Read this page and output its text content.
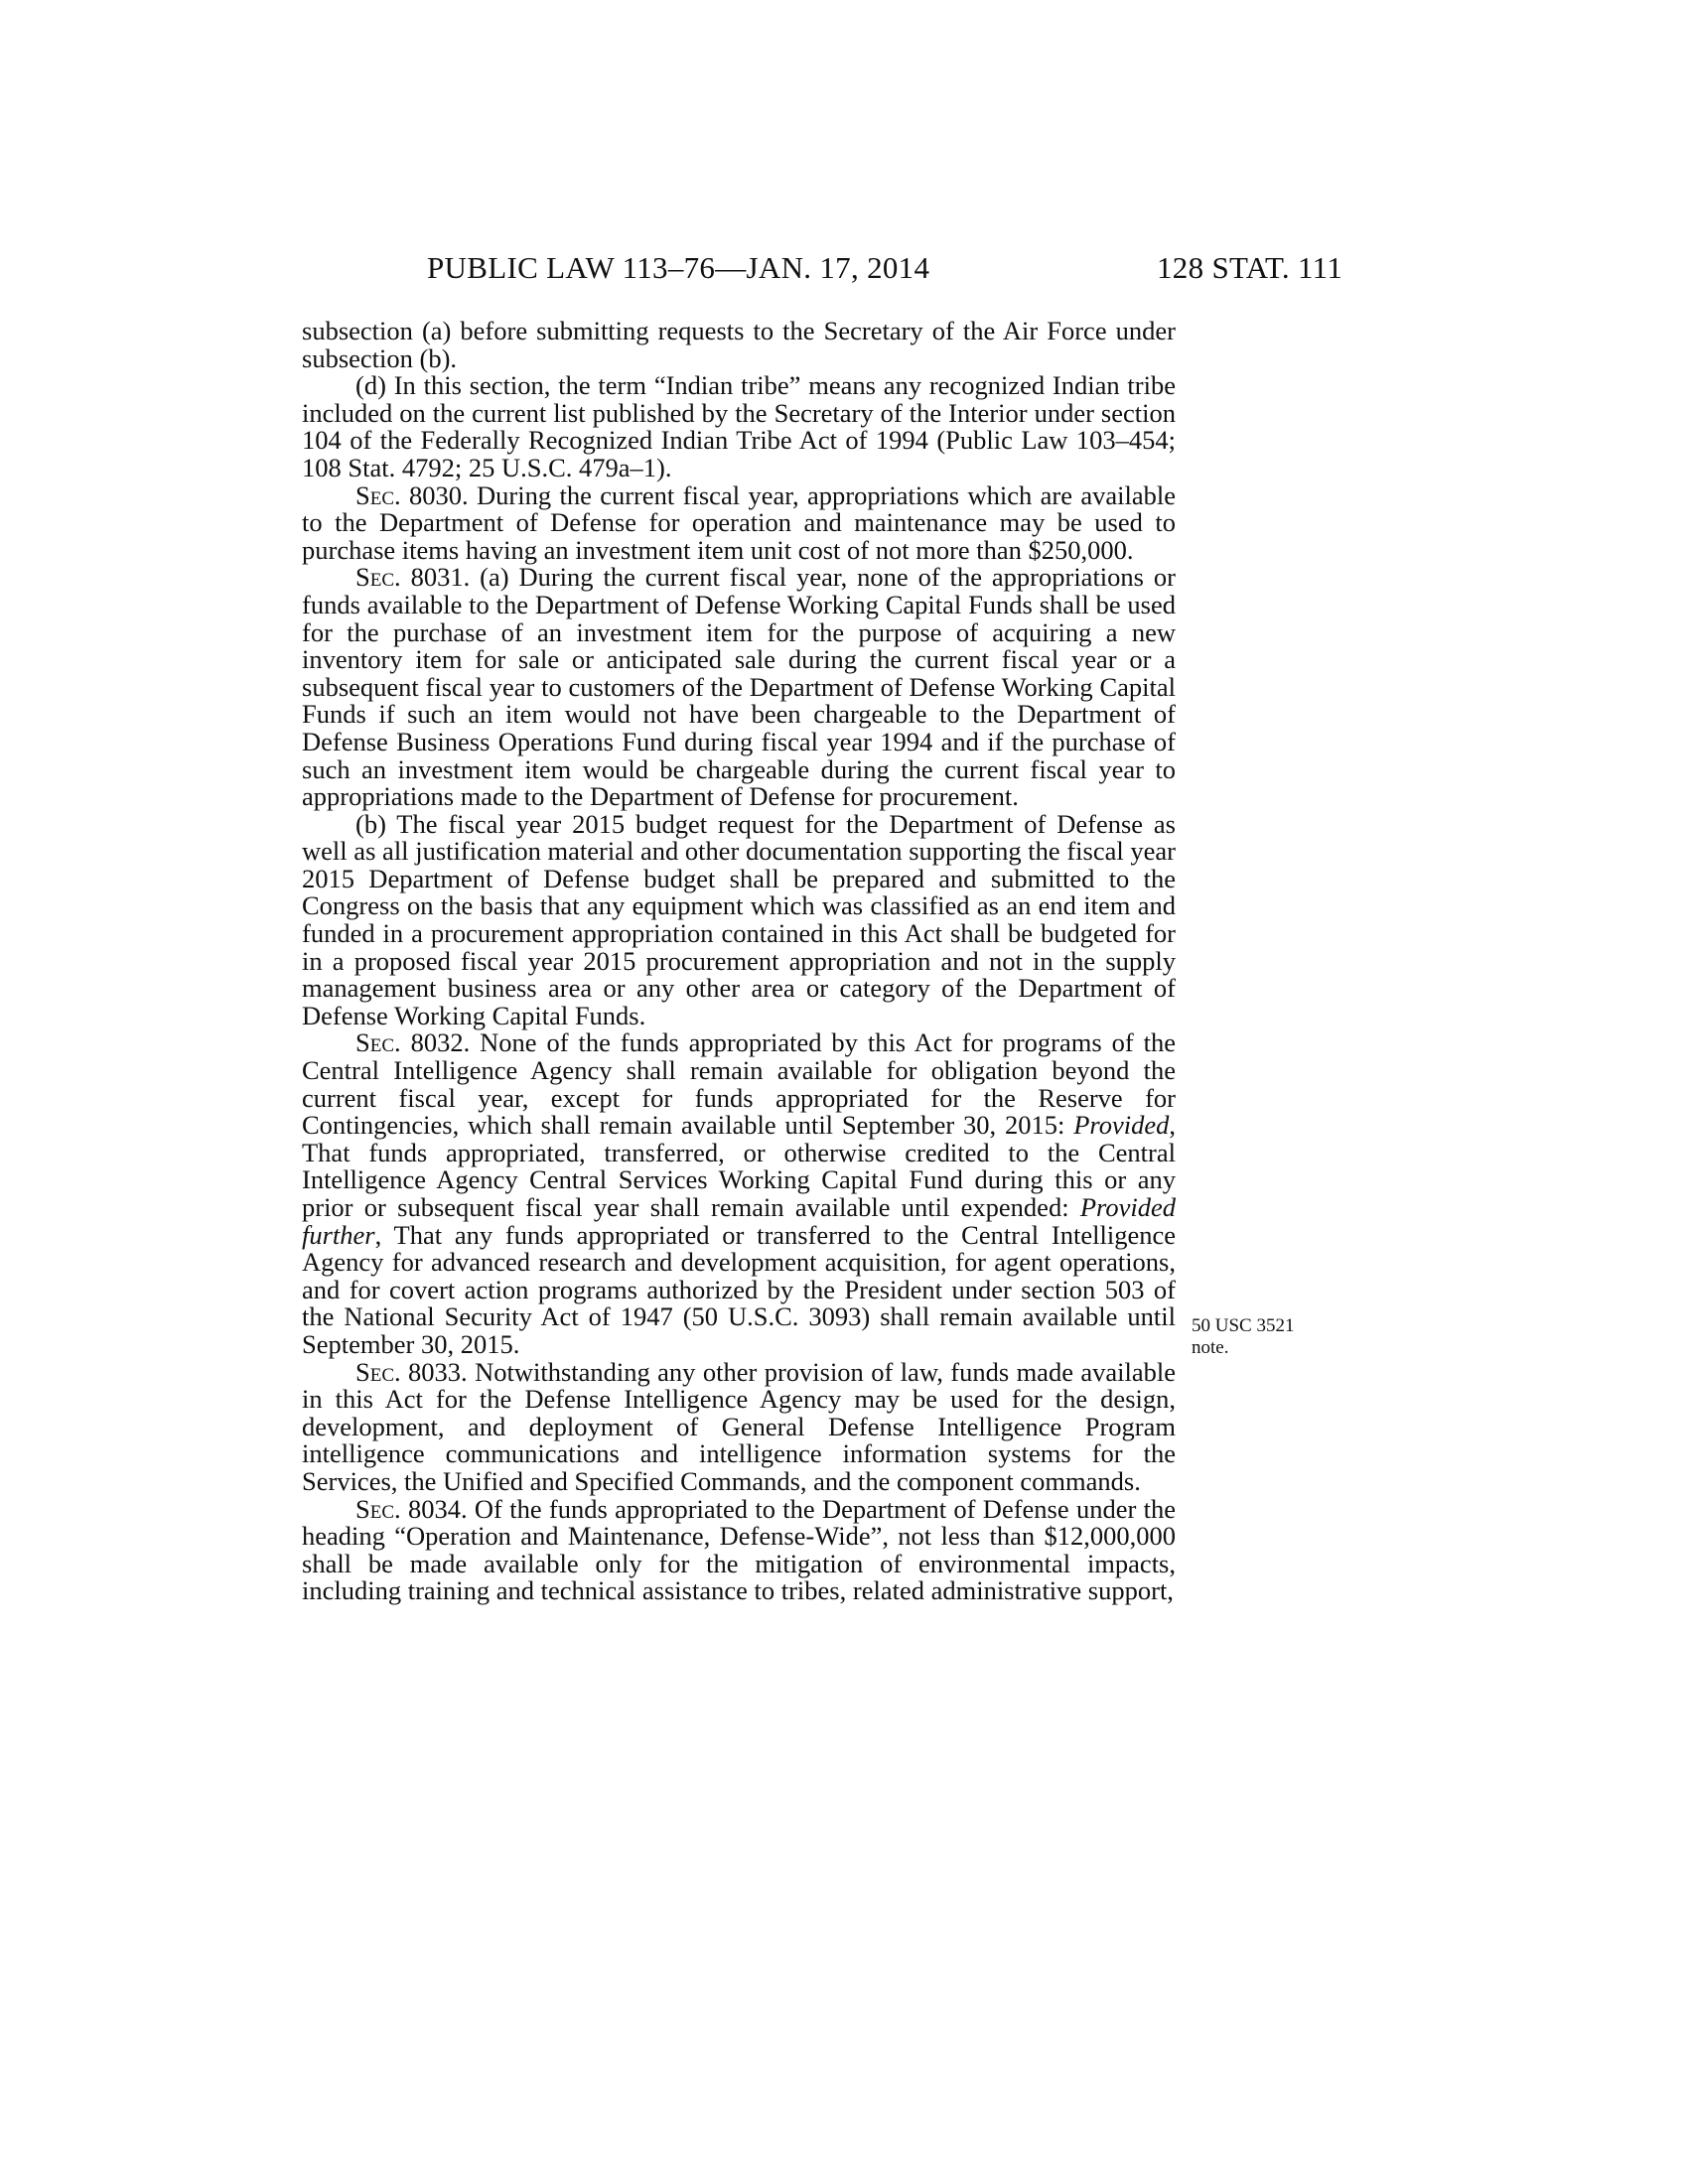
PUBLIC LAW 113–76—JAN. 17, 2014	128 STAT. 111

subsection (a) before submitting requests to the Secretary of the Air Force under subsection (b).

(d) In this section, the term “Indian tribe” means any recognized Indian tribe included on the current list published by the Secretary of the Interior under section 104 of the Federally Recognized Indian Tribe Act of 1994 (Public Law 103–454; 108 Stat. 4792; 25 U.S.C. 479a–1).

Sec. 8030. During the current fiscal year, appropriations which are available to the Department of Defense for operation and maintenance may be used to purchase items having an investment item unit cost of not more than $250,000.

Sec. 8031. (a) During the current fiscal year, none of the appropriations or funds available to the Department of Defense Working Capital Funds shall be used for the purchase of an investment item for the purpose of acquiring a new inventory item for sale or anticipated sale during the current fiscal year or a subsequent fiscal year to customers of the Department of Defense Working Capital Funds if such an item would not have been chargeable to the Department of Defense Business Operations Fund during fiscal year 1994 and if the purchase of such an investment item would be chargeable during the current fiscal year to appropriations made to the Department of Defense for procurement.

(b) The fiscal year 2015 budget request for the Department of Defense as well as all justification material and other documentation supporting the fiscal year 2015 Department of Defense budget shall be prepared and submitted to the Congress on the basis that any equipment which was classified as an end item and funded in a procurement appropriation contained in this Act shall be budgeted for in a proposed fiscal year 2015 procurement appropriation and not in the supply management business area or any other area or category of the Department of Defense Working Capital Funds.

Sec. 8032. None of the funds appropriated by this Act for programs of the Central Intelligence Agency shall remain available for obligation beyond the current fiscal year, except for funds appropriated for the Reserve for Contingencies, which shall remain available until September 30, 2015: Provided, That funds appropriated, transferred, or otherwise credited to the Central Intelligence Agency Central Services Working Capital Fund during this or any prior or subsequent fiscal year shall remain available until expended: Provided further, That any funds appropriated or transferred to the Central Intelligence Agency for advanced research and development acquisition, for agent operations, and for covert action programs authorized by the President under section 503 of the National Security Act of 1947 (50 U.S.C. 3093) shall remain available until September 30, 2015.

Sec. 8033. Notwithstanding any other provision of law, funds made available in this Act for the Defense Intelligence Agency may be used for the design, development, and deployment of General Defense Intelligence Program intelligence communications and intelligence information systems for the Services, the Unified and Specified Commands, and the component commands.

Sec. 8034. Of the funds appropriated to the Department of Defense under the heading “Operation and Maintenance, Defense-Wide”, not less than $12,000,000 shall be made available only for the mitigation of environmental impacts, including training and technical assistance to tribes, related administrative support,

50 USC 3521
note.
